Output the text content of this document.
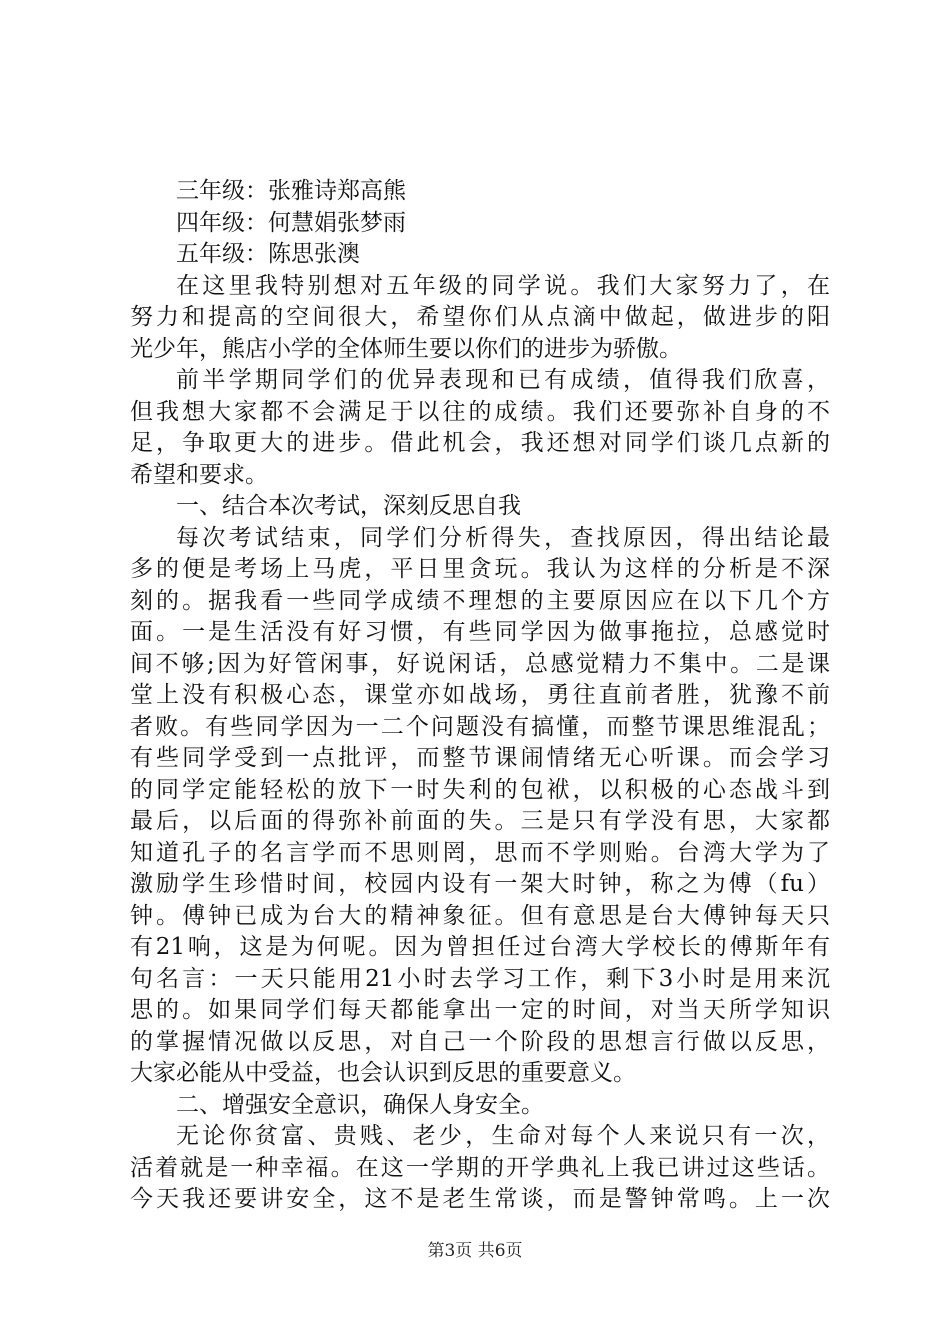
三年级：张雅诗郑高熊
四年级：何慧娟张梦雨
五年级：陈思张澳
在​这​里​我​特​别​想​对​五​年​级​的​同​学​说​。​我​们​大​家​努​力​了​，​在
努​力​和​提​高​的​空​间​很​大​，​希​望​你​们​从​点​滴​中​做​起​，​做​进​步​的​阳
光少年，熊店小学的全体师生要以你们的进步为骄傲。
前​半​学​期​同​学​们​的​优​异​表​现​和​已​有​成​绩​，​值​得​我​们​欣​喜​，
但​我​想​大​家​都​不​会​满​足​于​以​往​的​成​绩​。​我​们​还​要​弥​补​自​身​的​不
足​，​争​取​更​大​的​进​步​。​借​此​机​会​，​我​还​想​对​同​学​们​谈​几​点​新​的
希望和要求。
一、结合本次考试，深刻反思自我
每​次​考​试​结​束​，​同​学​们​分​析​得​失​，​查​找​原​因​，​得​出​结​论​最
多​的​便​是​考​场​上​马​虎​，​平​日​里​贪​玩​。​我​认​为​这​样​的​分​析​是​不​深
刻​的​。​据​我​看​一​些​同​学​成​绩​不​理​想​的​主​要​原​因​应​在​以​下​几​个​方
面​。​一​是​生​活​没​有​好​习​惯​，​有​些​同​学​因​为​做​事​拖​拉​，​总​感​觉​时
间​不​够​;​因​为​好​管​闲​事​，​好​说​闲​话​，​总​感​觉​精​力​不​集​中​。​二​是​课
堂​上​没​有​积​极​心​态​，​课​堂​亦​如​战​场​，​勇​往​直​前​者​胜​，​犹​豫​不​前
者​败​。​有​些​同​学​因​为​一​二​个​问​题​没​有​搞​懂​，​而​整​节​课​思​维​混​乱​；
有​些​同​学​受​到​一​点​批​评​，​而​整​节​课​闹​情​绪​无​心​听​课​。​而​会​学​习
的​同​学​定​能​轻​松​的​放​下​一​时​失​利​的​包​袱​，​以​积​极​的​心​态​战​斗​到
最​后​，​以​后​面​的​得​弥​补​前​面​的​失​。​三​是​只​有​学​没​有​思​，​大​家​都
知​道​孔​子​的​名​言​学​而​不​思​则​罔​，​思​而​不​学​则​贻​。​台​湾​大​学​为​了
激​励​学​生​珍​惜​时​间​，​校​园​内​设​有​一​架​大​时​钟​，​称​之​为​傅​（​f​u​）
钟​。​傅​钟​已​成​为​台​大​的​精​神​象​征​。​但​有​意​思​是​台​大​傅​钟​每​天​只
有​2​1​响​，​这​是​为​何​呢​。​因​为​曾​担​任​过​台​湾​大​学​校​长​的​傅​斯​年​有
句​名​言​：​一​天​只​能​用​2​1​小​时​去​学​习​工​作​，​剩​下​3​小​时​是​用​来​沉
思​的​。​如​果​同​学​们​每​天​都​能​拿​出​一​定​的​时​间​，​对​当​天​所​学​知​识
的​掌​握​情​况​做​以​反​思​，​对​自​己​一​个​阶​段​的​思​想​言​行​做​以​反​思​，
大家必能从中受益，也会认识到反思的重要意义。
二、增强安全意识，确保人身安全。
无​论​你​贫​富​、​贵​贱​、​老​少​，​生​命​对​每​个​人​来​说​只​有​一​次​，
活​着​就​是​一​种​幸​福​。​在​这​一​学​期​的​开​学​典​礼​上​我​已​讲​过​这​些​话​。
今​天​我​还​要​讲​安​全​，​这​不​是​老​生​常​谈​，​而​是​警​钟​常​鸣​。​上​一​次
第3页 共6页
